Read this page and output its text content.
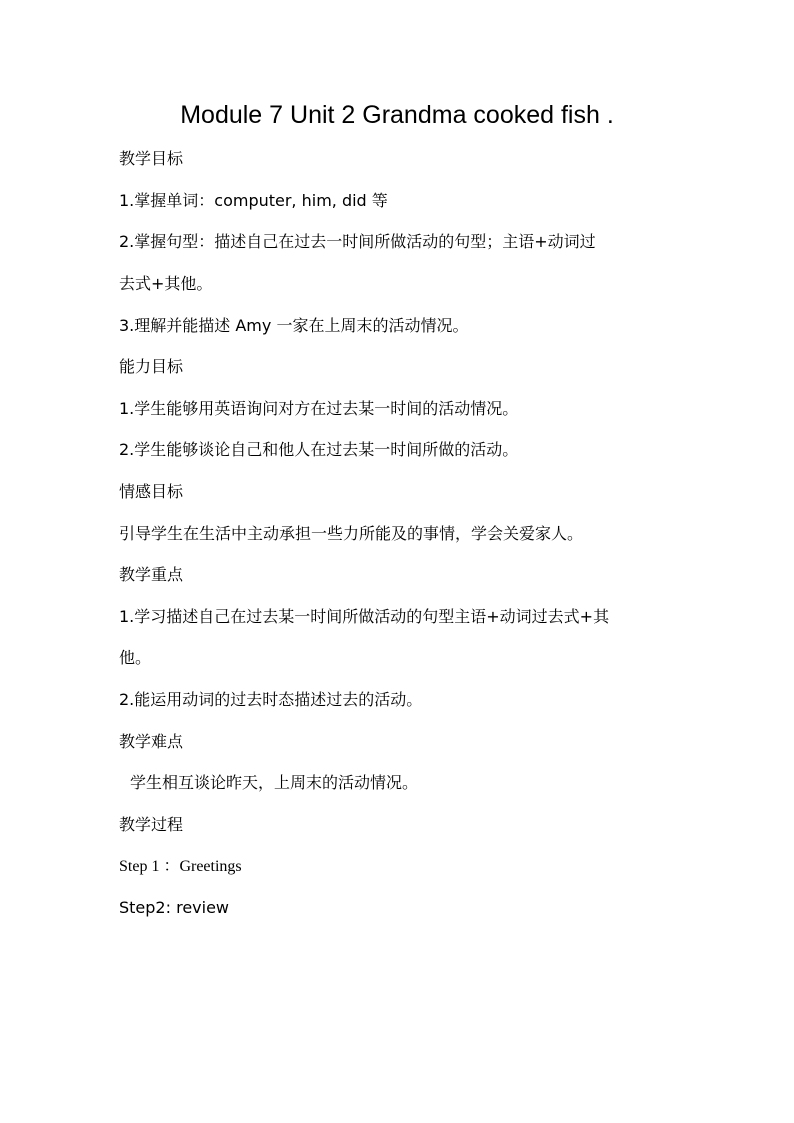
Module 7 Unit 2 Grandma cooked fish .
教学目标
1.掌握单词：computer, him, did 等
2.掌握句型：描述自己在过去一时间所做活动的句型；主语+动词过
去式+其他。
3.理解并能描述 Amy 一家在上周末的活动情况。
能力目标
1.学生能够用英语询问对方在过去某一时间的活动情况。
2.学生能够谈论自己和他人在过去某一时间所做的活动。
情感目标
引导学生在生活中主动承担一些力所能及的事情，学会关爱家人。
教学重点
1.学习描述自己在过去某一时间所做活动的句型主语+动词过去式+其
他。
2.能运用动词的过去时态描述过去的活动。
教学难点
学生相互谈论昨天，上周末的活动情况。
教学过程
Step 1 ：Greetings
Step2: review
